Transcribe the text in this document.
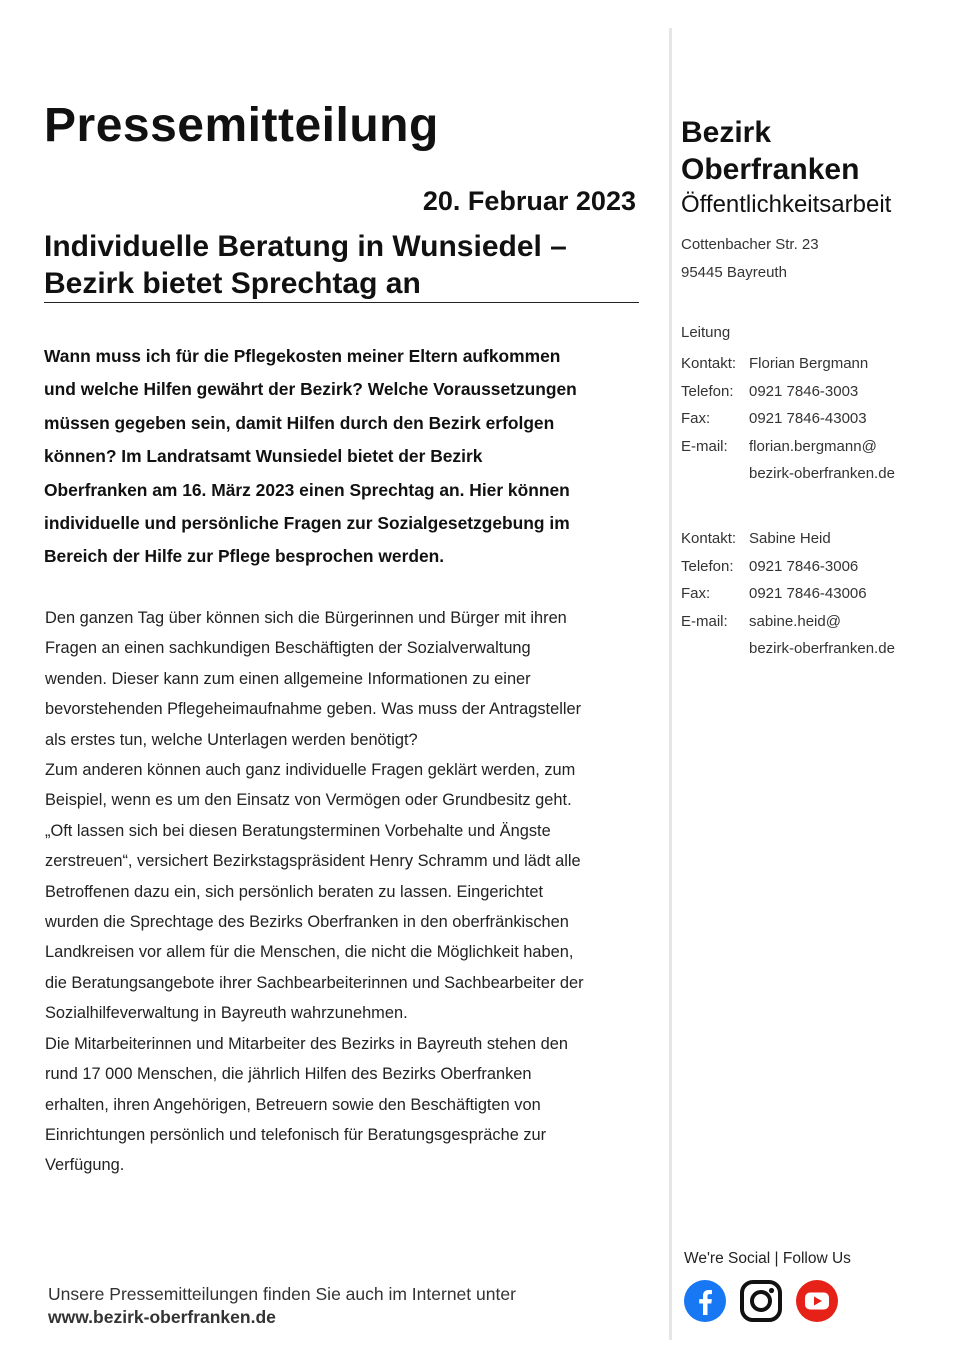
Pressemitteilung
20. Februar 2023
Individuelle Beratung in Wunsiedel –
Bezirk bietet Sprechtag an

Wann muss ich für die Pflegekosten meiner Eltern aufkommen

und welche Hilfen gewährt der Bezirk? Welche Voraussetzungen

müssen gegeben sein, damit Hilfen durch den Bezirk erfolgen

können? Im Landratsamt Wunsiedel bietet der Bezirk

Oberfranken am 16. März 2023 einen Sprechtag an. Hier können

individuelle und persönliche Fragen zur Sozialgesetzgebung im

Bereich der Hilfe zur Pflege besprochen werden.

Den ganzen Tag über können sich die Bürgerinnen und Bürger mit ihren

Fragen an einen sachkundigen Beschäftigten der Sozialverwaltung

wenden. Dieser kann zum einen allgemeine Informationen zu einer

bevorstehenden Pflegeheimaufnahme geben. Was muss der Antragsteller

als erstes tun, welche Unterlagen werden benötigt?

Zum anderen können auch ganz individuelle Fragen geklärt werden, zum

Beispiel, wenn es um den Einsatz von Vermögen oder Grundbesitz geht.

„Oft lassen sich bei diesen Beratungsterminen Vorbehalte und Ängste

zerstreuen“, versichert Bezirkstagspräsident Henry Schramm und lädt alle

Betroffenen dazu ein, sich persönlich beraten zu lassen. Eingerichtet

wurden die Sprechtage des Bezirks Oberfranken in den oberfränkischen

Landkreisen vor allem für die Menschen, die nicht die Möglichkeit haben,

die Beratungsangebote ihrer Sachbearbeiterinnen und Sachbearbeiter der

Sozialhilfeverwaltung in Bayreuth wahrzunehmen.

Die Mitarbeiterinnen und Mitarbeiter des Bezirks in Bayreuth stehen den

rund 17 000 Menschen, die jährlich Hilfen des Bezirks Oberfranken

erhalten, ihren Angehörigen, Betreuern sowie den Beschäftigten von

Einrichtungen persönlich und telefonisch für Beratungsgespräche zur

Verfügung.

Unsere Pressemitteilungen finden Sie auch im Internet unter
www.bezirk-oberfranken.de
Bezirk
Oberfranken
Öffentlichkeitsarbeit
Cottenbacher Str. 23
95445 Bayreuth
Leitung
Kontakt: Florian Bergmann
Telefon:	0921 7846-3003
Fax:	0921 7846-43003
E-mail:	florian.bergmann@
bezirk-oberfranken.de
Kontakt: Sabine Heid
Telefon:	0921 7846-3006
Fax:	0921 7846-43006
E-mail:	sabine.heid@
bezirk-oberfranken.de
We're Social | Follow Us
